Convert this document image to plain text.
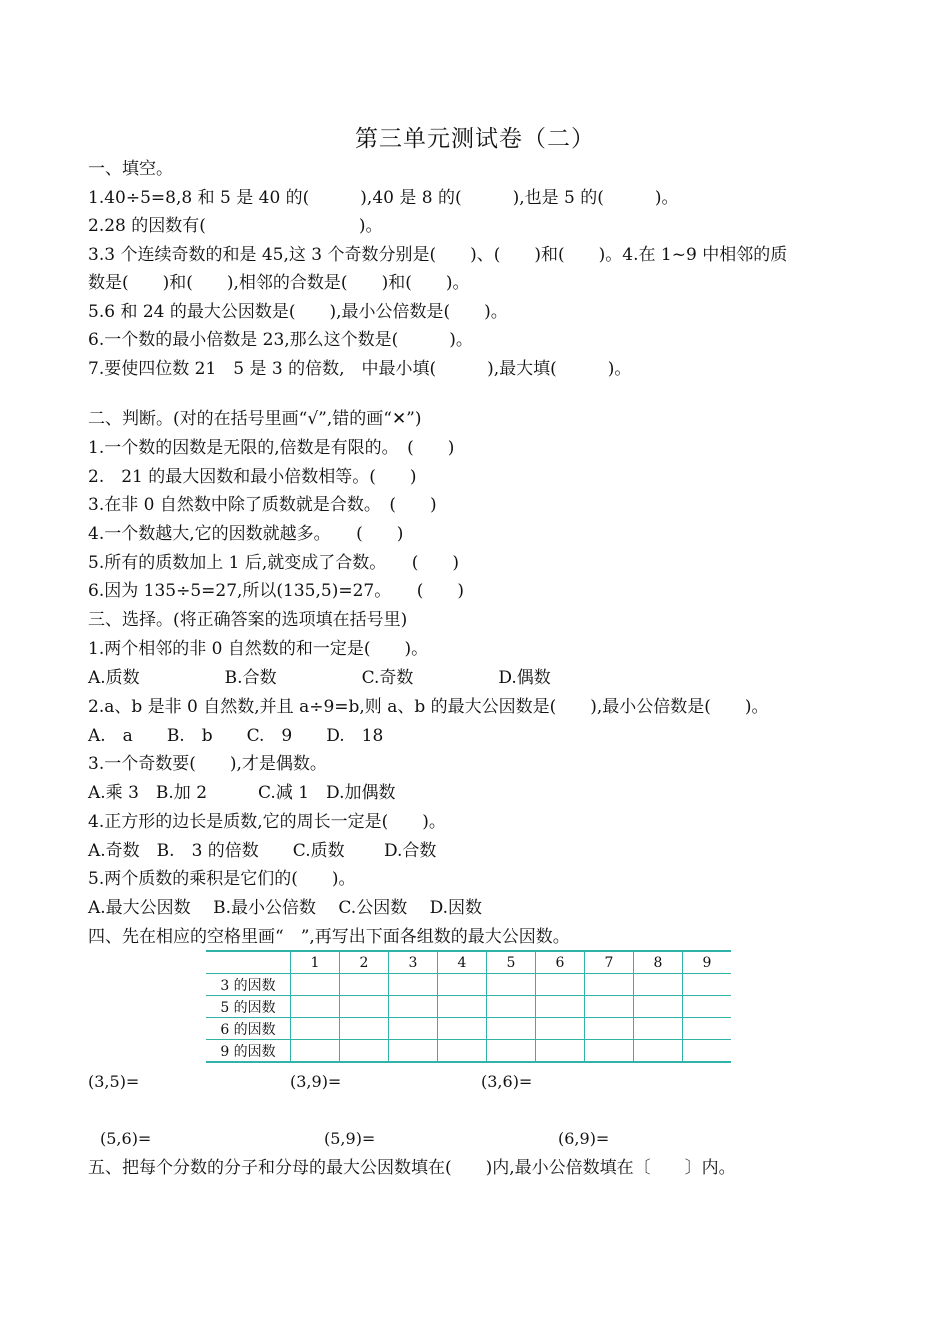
第三单元测试卷（二）
一、填空。
1.40÷5=8,8 和 5 是 40 的(　　　),40 是 8 的(　　　),也是 5 的(　　　)。
2.28 的因数有(　　　　　　　　　)。
3.3 个连续奇数的和是 45,这 3 个奇数分别是(　　)、(　　)和(　　)。4.在 1~9 中相邻的质
数是(　　)和(　　),相邻的合数是(　　)和(　　)。
5.6 和 24 的最大公因数是(　　),最小公倍数是(　　)。
6.一个数的最小倍数是 23,那么这个数是(　　　)。
7.要使四位数 21　5 是 3 的倍数,　中最小填(　　　),最大填(　　　)。
二、判断。(对的在括号里画“√”,错的画“✕”)
1.一个数的因数是无限的,倍数是有限的。　(　　)
2.　21 的最大因数和最小倍数相等。(　　)
3.在非 0 自然数中除了质数就是合数。　(　　)
4.一个数越大,它的因数就越多。　　(　　)
5.所有的质数加上 1 后,就变成了合数。　　(　　)
6.因为 135÷5=27,所以(135,5)=27。　　(　　)
三、选择。(将正确答案的选项填在括号里)
1.两个相邻的非 0 自然数的和一定是(　　)。
A.质数　　　　　B.合数　　　　　C.奇数　　　　　D.偶数
2.a、b 是非 0 自然数,并且 a÷9=b,则 a、b 的最大公因数是(　　),最小公倍数是(　　)。
A.　a　　B.　b　　C.　9　　D.　18
3.一个奇数要(　　),才是偶数。
A.乘 3　B.加 2　　　C.减 1　D.加偶数
4.正方形的边长是质数,它的周长一定是(　　)。
A.奇数　B.　3 的倍数　　C.质数　　 D.合数
5.两个质数的乘积是它们的(　　)。
A.最大公因数　 B.最小公倍数　 C.公因数　 D.因数
四、先在相应的空格里画“　”,再写出下面各组数的最大公因数。
	1	2	3	4	5	6	7	8	9
3 的因数									
5 的因数									
6 的因数									
9 的因数									
(3,5)=	(3,9)=	(3,6)=
(5,6)=	(5,9)=	(6,9)=
五、把每个分数的分子和分母的最大公因数填在(　　)内,最小公倍数填在〔　　〕内。
